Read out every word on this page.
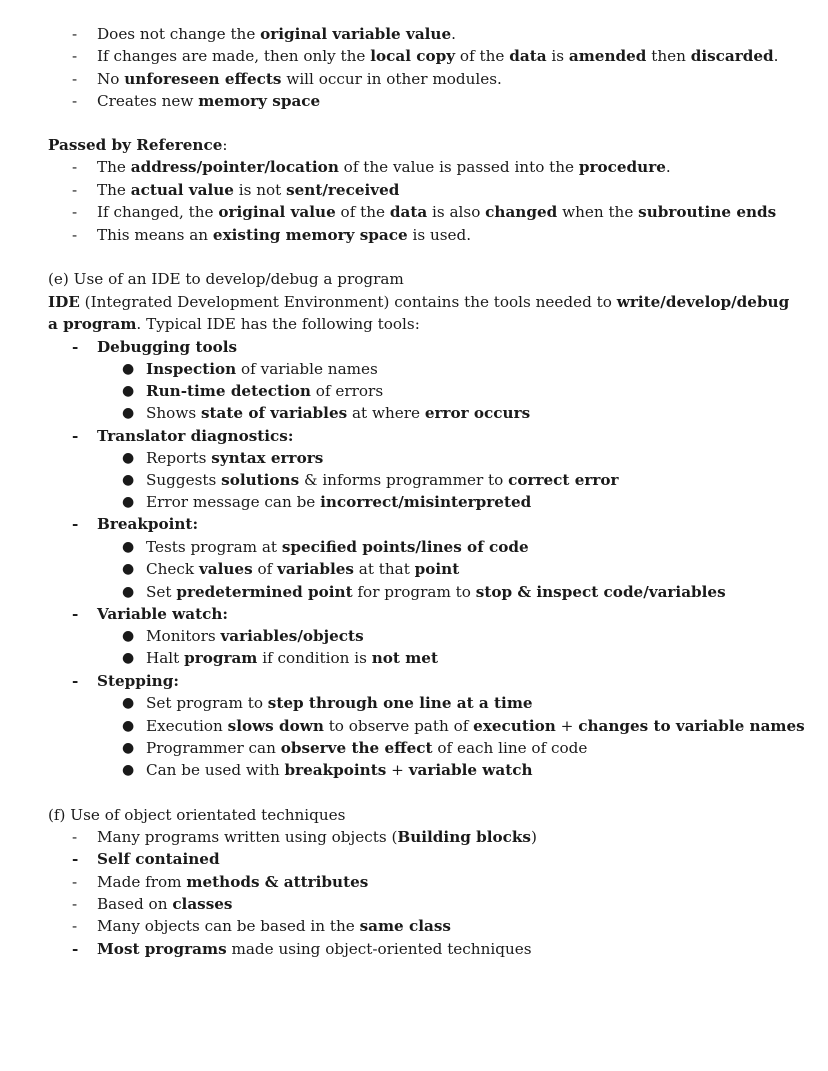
- Does not change the original variable value.
- If changes are made, then only the local copy of the data is amended then discarded.
- No unforeseen effects will occur in other modules.
- Creates new memory space
Passed by Reference:
- The address/pointer/location of the value is passed into the procedure.
- The actual value is not sent/received
- If changed, the original value of the data is also changed when the subroutine ends
- This means an existing memory space is used.
(e) Use of an IDE to develop/debug a program
IDE (Integrated Development Environment) contains the tools needed to write/develop/debug
a program. Typical IDE has the following tools:
- Debugging tools
● Inspection of variable names
● Run-time detection of errors
● Shows state of variables at where error occurs
- Translator diagnostics:
● Reports syntax errors
● Suggests solutions & informs programmer to correct error
● Error message can be incorrect/misinterpreted
- Breakpoint:
● Tests program at specified points/lines of code
● Check values of variables at that point
● Set predetermined point for program to stop & inspect code/variables
- Variable watch:
● Monitors variables/objects
● Halt program if condition is not met
- Stepping:
● Set program to step through one line at a time
● Execution slows down to observe path of execution + changes to variable names
● Programmer can observe the effect of each line of code
● Can be used with breakpoints + variable watch
(f) Use of object orientated techniques
- Many programs written using objects (Building blocks)
- Self contained
- Made from methods & attributes
- Based on classes
- Many objects can be based in the same class
- Most programs made using object-oriented techniques
